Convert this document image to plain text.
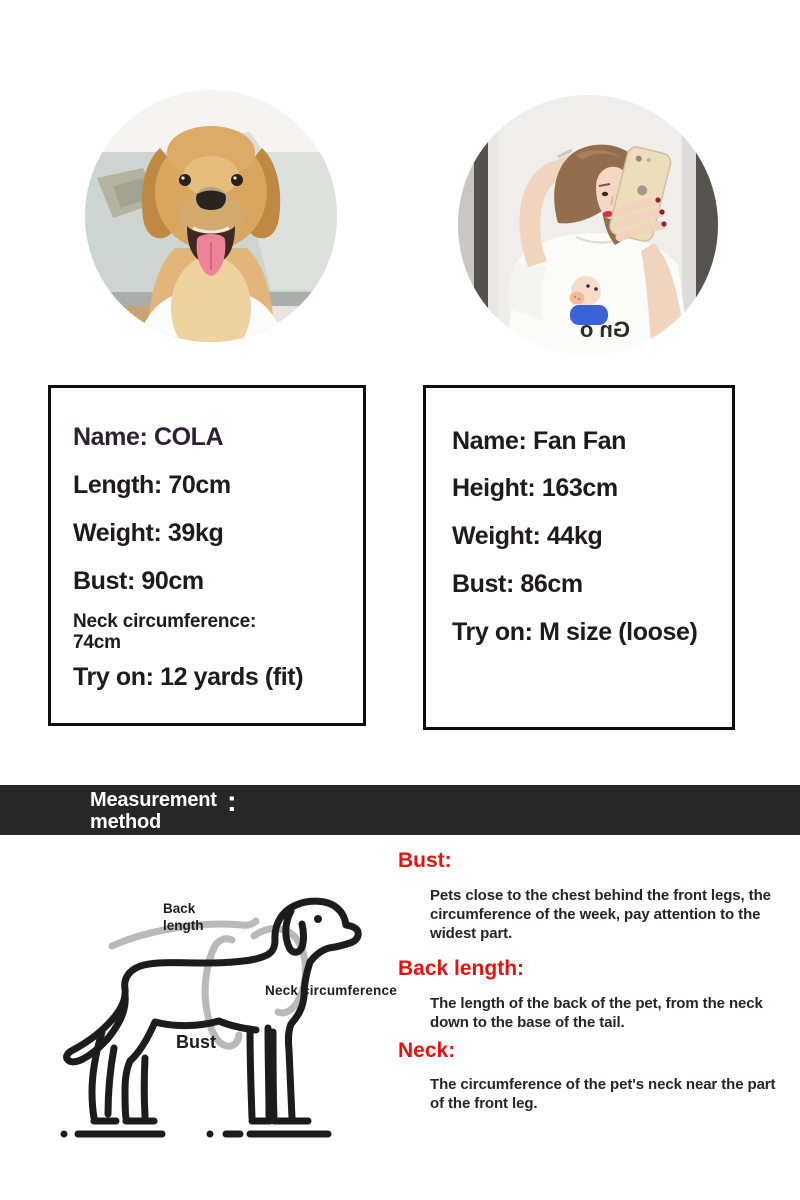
Gn o
Name: COLA
Length: 70cm
Weight: 39kg
Bust: 90cm
Neck circumference: 74cm
Try on: 12 yards (fit)
Name: Fan Fan
Height: 163cm
Weight: 44kg
Bust: 86cm
Try on: M size (loose)
Measurement method
:
Back length
Neck circumference
Bust
Bust:
Pets close to the chest behind the front legs, the circumference of the week, pay attention to the widest part.
Back length:
The length of the back of the pet, from the neck down to the base of the tail.
Neck:
The circumference of the pet's neck near the part of the front leg.
